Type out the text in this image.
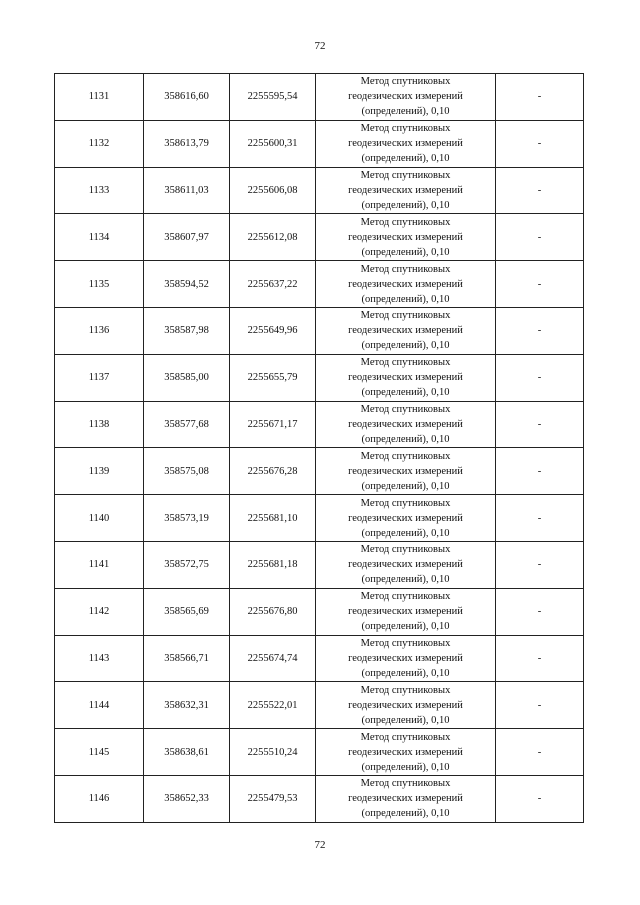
72
1131	358616,60	2255595,54	Метод спутниковых
геодезических измерений
(определений), 0,10	-
1132	358613,79	2255600,31	Метод спутниковых
геодезических измерений
(определений), 0,10	-
1133	358611,03	2255606,08	Метод спутниковых
геодезических измерений
(определений), 0,10	-
1134	358607,97	2255612,08	Метод спутниковых
геодезических измерений
(определений), 0,10	-
1135	358594,52	2255637,22	Метод спутниковых
геодезических измерений
(определений), 0,10	-
1136	358587,98	2255649,96	Метод спутниковых
геодезических измерений
(определений), 0,10	-
1137	358585,00	2255655,79	Метод спутниковых
геодезических измерений
(определений), 0,10	-
1138	358577,68	2255671,17	Метод спутниковых
геодезических измерений
(определений), 0,10	-
1139	358575,08	2255676,28	Метод спутниковых
геодезических измерений
(определений), 0,10	-
1140	358573,19	2255681,10	Метод спутниковых
геодезических измерений
(определений), 0,10	-
1141	358572,75	2255681,18	Метод спутниковых
геодезических измерений
(определений), 0,10	-
1142	358565,69	2255676,80	Метод спутниковых
геодезических измерений
(определений), 0,10	-
1143	358566,71	2255674,74	Метод спутниковых
геодезических измерений
(определений), 0,10	-
1144	358632,31	2255522,01	Метод спутниковых
геодезических измерений
(определений), 0,10	-
1145	358638,61	2255510,24	Метод спутниковых
геодезических измерений
(определений), 0,10	-
1146	358652,33	2255479,53	Метод спутниковых
геодезических измерений
(определений), 0,10	-
72
